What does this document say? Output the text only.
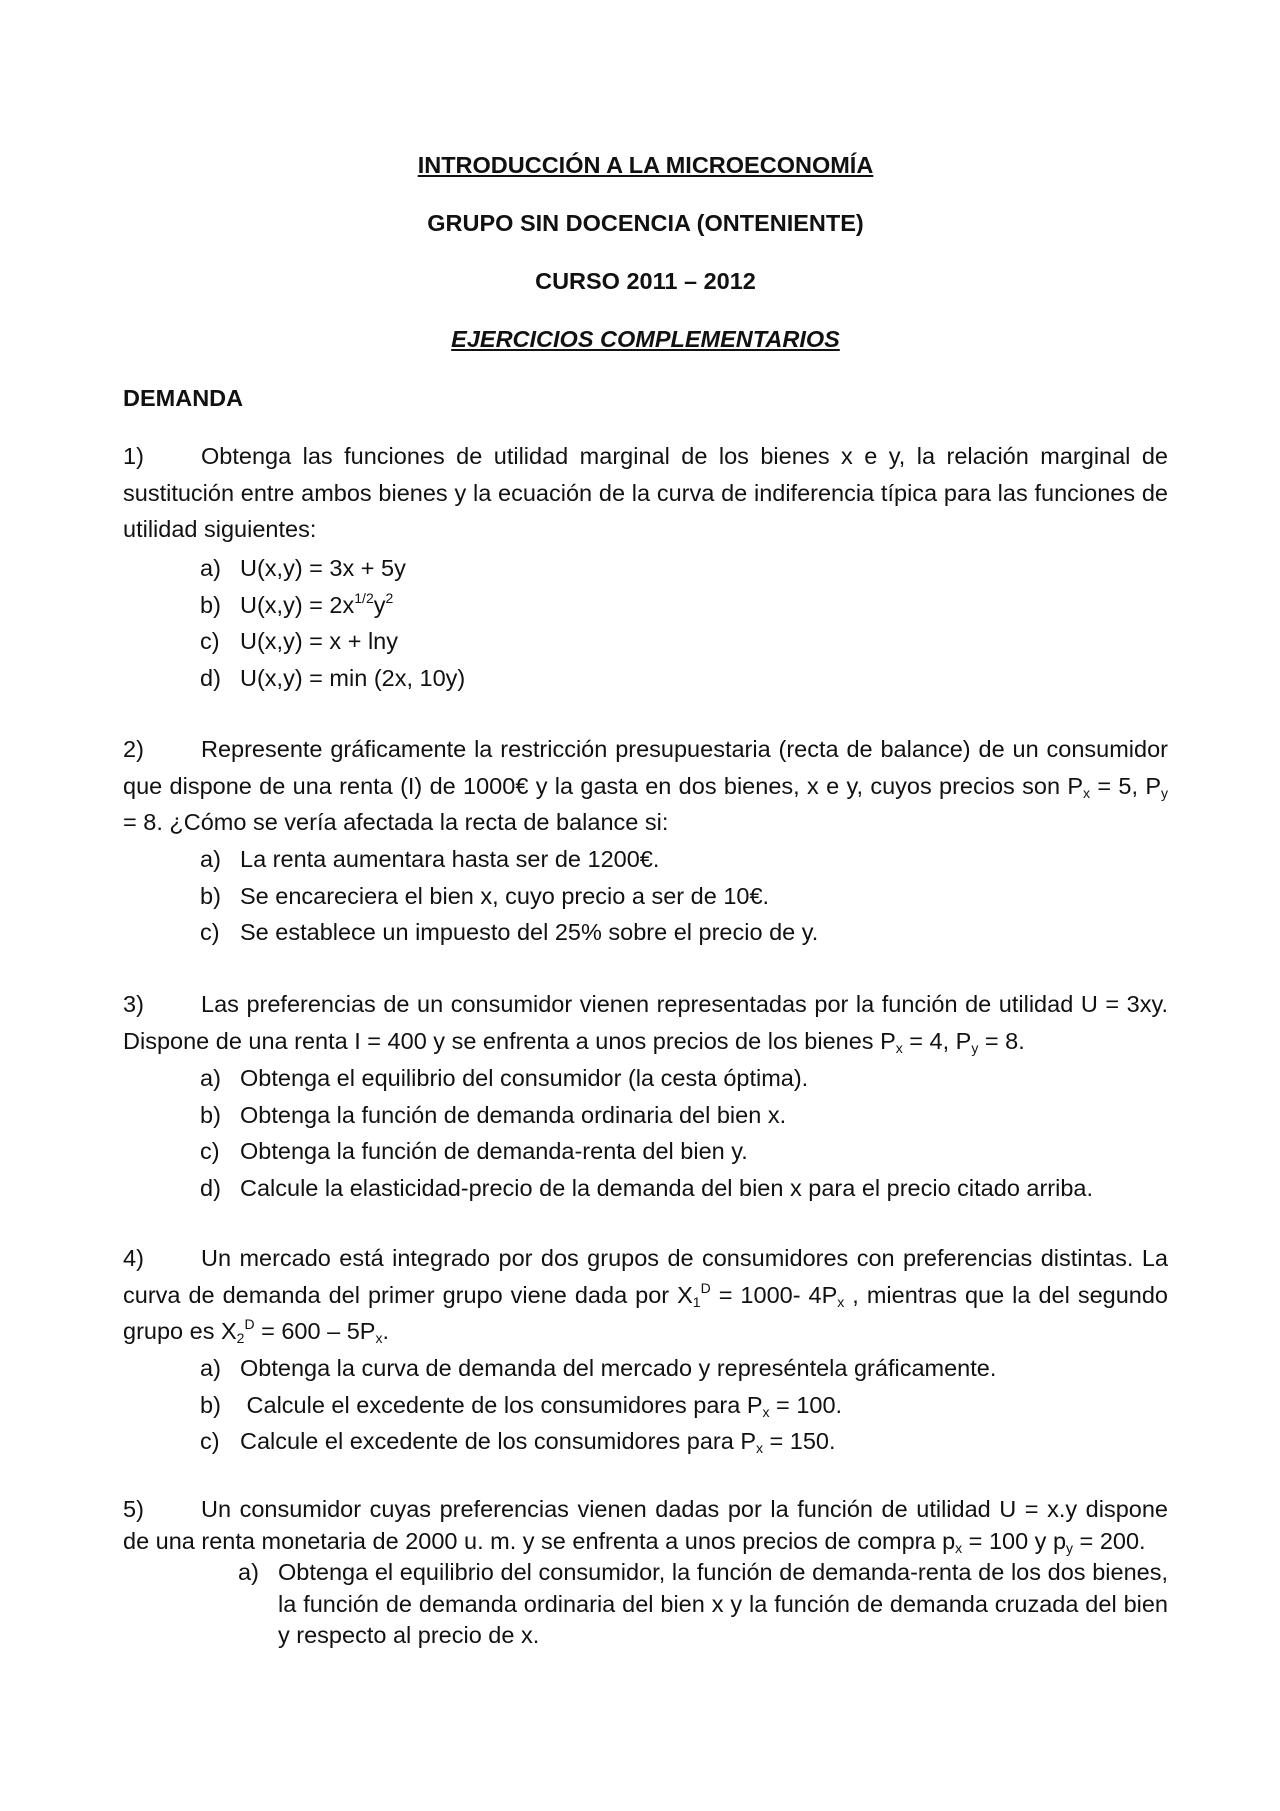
INTRODUCCIÓN A LA MICROECONOMÍA
GRUPO SIN DOCENCIA (ONTENIENTE)
CURSO 2011 – 2012
EJERCICIOS COMPLEMENTARIOS
DEMANDA
1) Obtenga las funciones de utilidad marginal de los bienes x e y, la relación marginal de sustitución entre ambos bienes y la ecuación de la curva de indiferencia típica para las funciones de utilidad siguientes:
a) U(x,y) = 3x + 5y
b) $U(x,y) = 2x^{1/2}y^2$
c) U(x,y) = x + lny
d) U(x,y) = min (2x, 10y)
2) Represente gráficamente la restricción presupuestaria (recta de balance) de un consumidor que dispone de una renta (I) de 1000€ y la gasta en dos bienes, x e y, cuyos precios son $P_x = 5$, $P_y = 8$. ¿Cómo se vería afectada la recta de balance si:
a) La renta aumentara hasta ser de 1200€.
b) Se encareciera el bien x, cuyo precio a ser de 10€.
c) Se establece un impuesto del 25% sobre el precio de y.
3) Las preferencias de un consumidor vienen representadas por la función de utilidad U = 3xy. Dispone de una renta I = 400 y se enfrenta a unos precios de los bienes $P_x = 4$, $P_y = 8$.
a) Obtenga el equilibrio del consumidor (la cesta óptima).
b) Obtenga la función de demanda ordinaria del bien x.
c) Obtenga la función de demanda-renta del bien y.
d) Calcule la elasticidad-precio de la demanda del bien x para el precio citado arriba.
4) Un mercado está integrado por dos grupos de consumidores con preferencias distintas. La curva de demanda del primer grupo viene dada por $X_1^D = 1000-$ $4P_x$ , mientras que la del segundo grupo es $X_2^D = 600 - 5P_x$.
a) Obtenga la curva de demanda del mercado y represéntela gráficamente.
b) Calcule el excedente de los consumidores para $P_x = 100$.
c) Calcule el excedente de los consumidores para $P_x = 150$.
5) Un consumidor cuyas preferencias vienen dadas por la función de utilidad U = x.y dispone de una renta monetaria de 2000 u. m. y se enfrenta a unos precios de compra $p_x = 100$ y $p_y = 200$.
a) Obtenga el equilibrio del consumidor, la función de demanda-renta de los dos bienes, la función de demanda ordinaria del bien x y la función de demanda cruzada del bien y respecto al precio de x.
